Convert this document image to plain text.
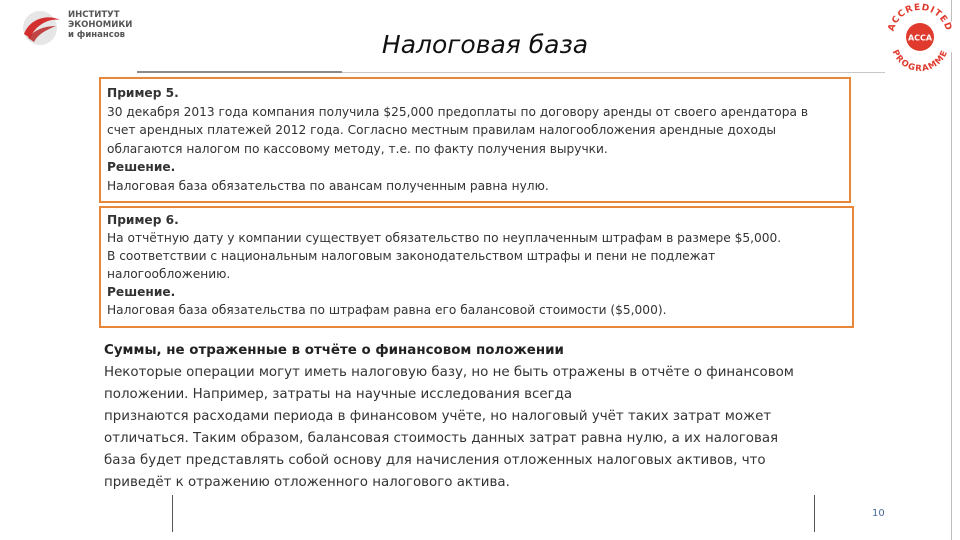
ИНСТИТУТ
ЭКОНОМИКИ
и финансов
ACCREDITED
PROGRAMME
ACCA
Налоговая база

Пример 5.

30 декабря 2013 года компания получила $25,000 предоплаты по договору аренды от своего арендатора в

счет арендных платежей 2012 года. Согласно местным правилам налогообложения арендные доходы

облагаются налогом по кассовому методу, т.е. по факту получения выручки.

Решение.

Налоговая база обязательства по авансам полученным равна нулю.

Пример 6.

На отчётную дату у компании существует обязательство по неуплаченным штрафам в размере $5,000.

В соответствии с национальным налоговым законодательством штрафы и пени не подлежат

налогообложению.

Решение.

Налоговая база обязательства по штрафам равна его балансовой стоимости ($5,000).

Суммы, не отраженные в отчёте о финансовом положении

Некоторые операции могут иметь налоговую базу, но не быть отражены в отчёте о финансовом

положении. Например, затраты на научные исследования всегда

признаются расходами периода в финансовом учёте, но налоговый учёт таких затрат может

отличаться. Таким образом, балансовая стоимость данных затрат равна нулю, а их налоговая

база будет представлять собой основу для начисления отложенных налоговых активов, что

приведёт к отражению отложенного налогового актива.

10
